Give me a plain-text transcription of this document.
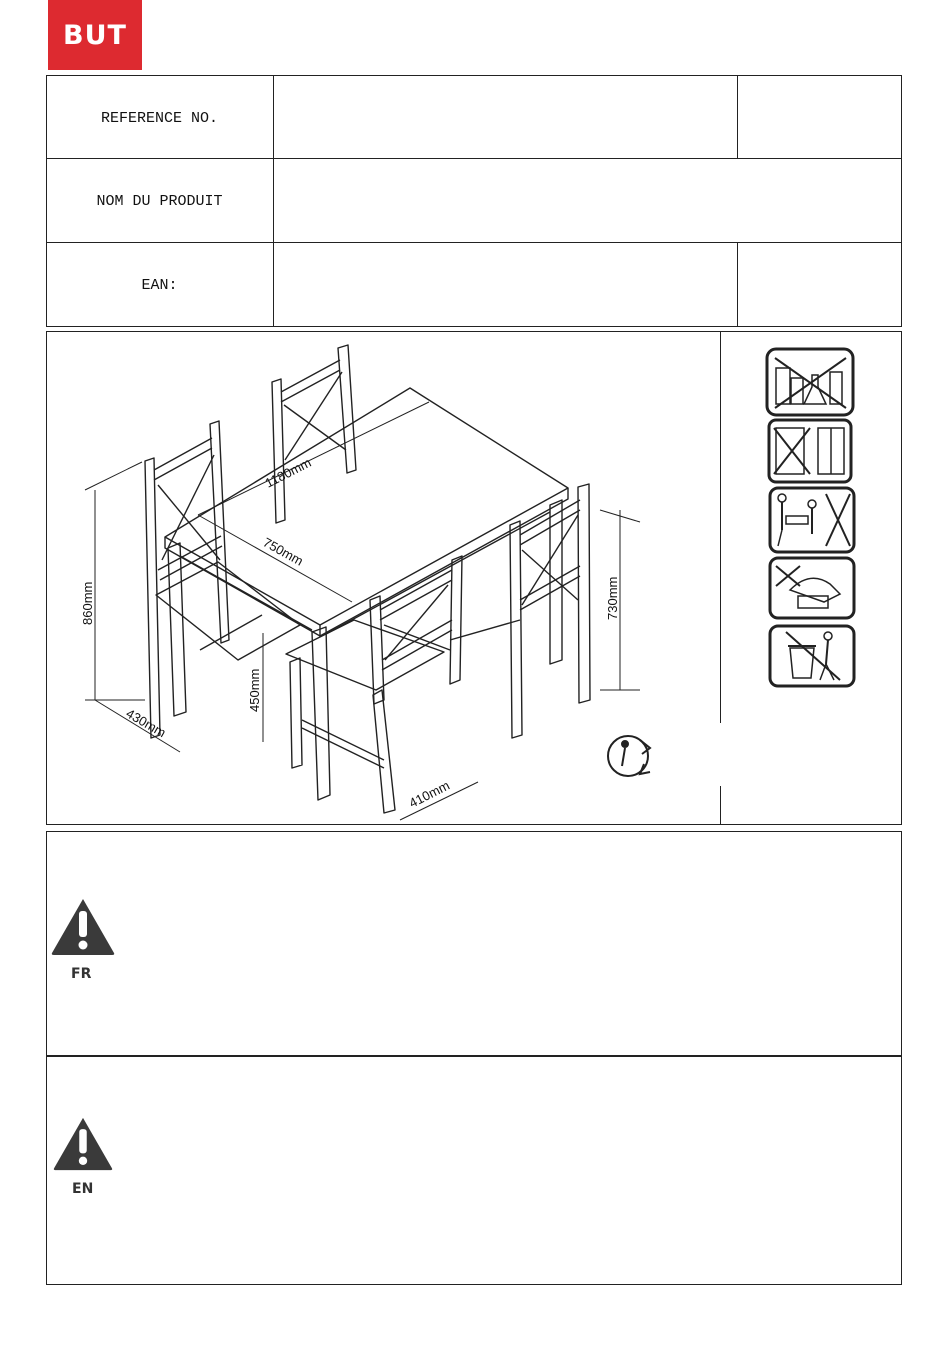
BUT
REFERENCE NO.
NOM DU PRODUIT
EAN:
1180mm
750mm
860mm	730mm
450mm
430mm
410mm
FR
EN
